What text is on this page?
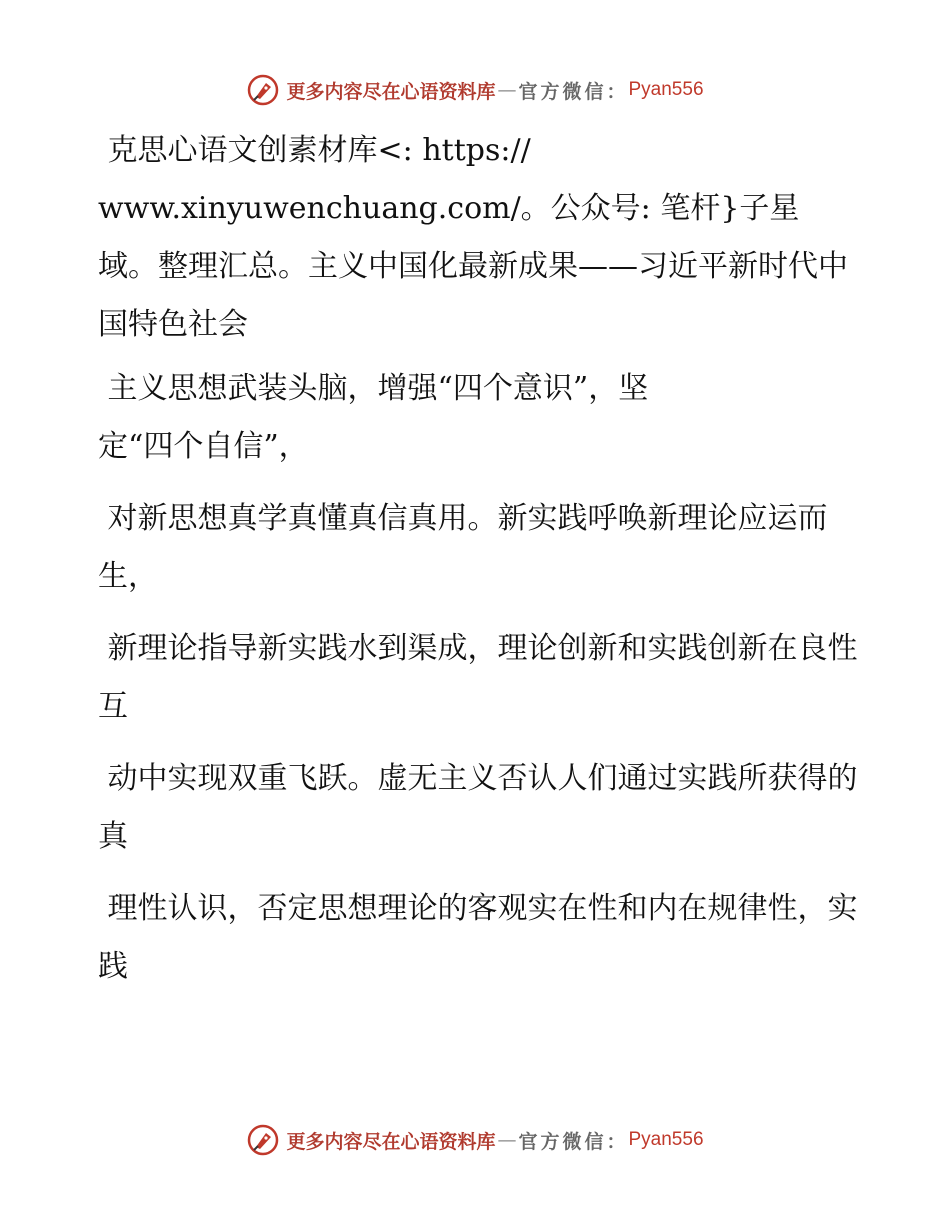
更多内容尽在心语资料库 — 官方微信： Pyan556

克思心语文创素材库<: https://
www.xinyuwenchuang.com/。公众号: 笔杆}子星域。整理汇总。主义中国化最新成果——习近平新时代中国特色社会

主义思想武装头脑，增强“四个意识”，坚
定“四个自信”，

对新思想真学真懂真信真用。新实践呼唤新理论应运而生，

新理论指导新实践水到渠成，理论创新和实践创新在良性互

动中实现双重飞跃。虚无主义否认人们通过实践所获得的真

理性认识，否定思想理论的客观实在性和内在规律性，实践

更多内容尽在心语资料库 — 官方微信： Pyan556
